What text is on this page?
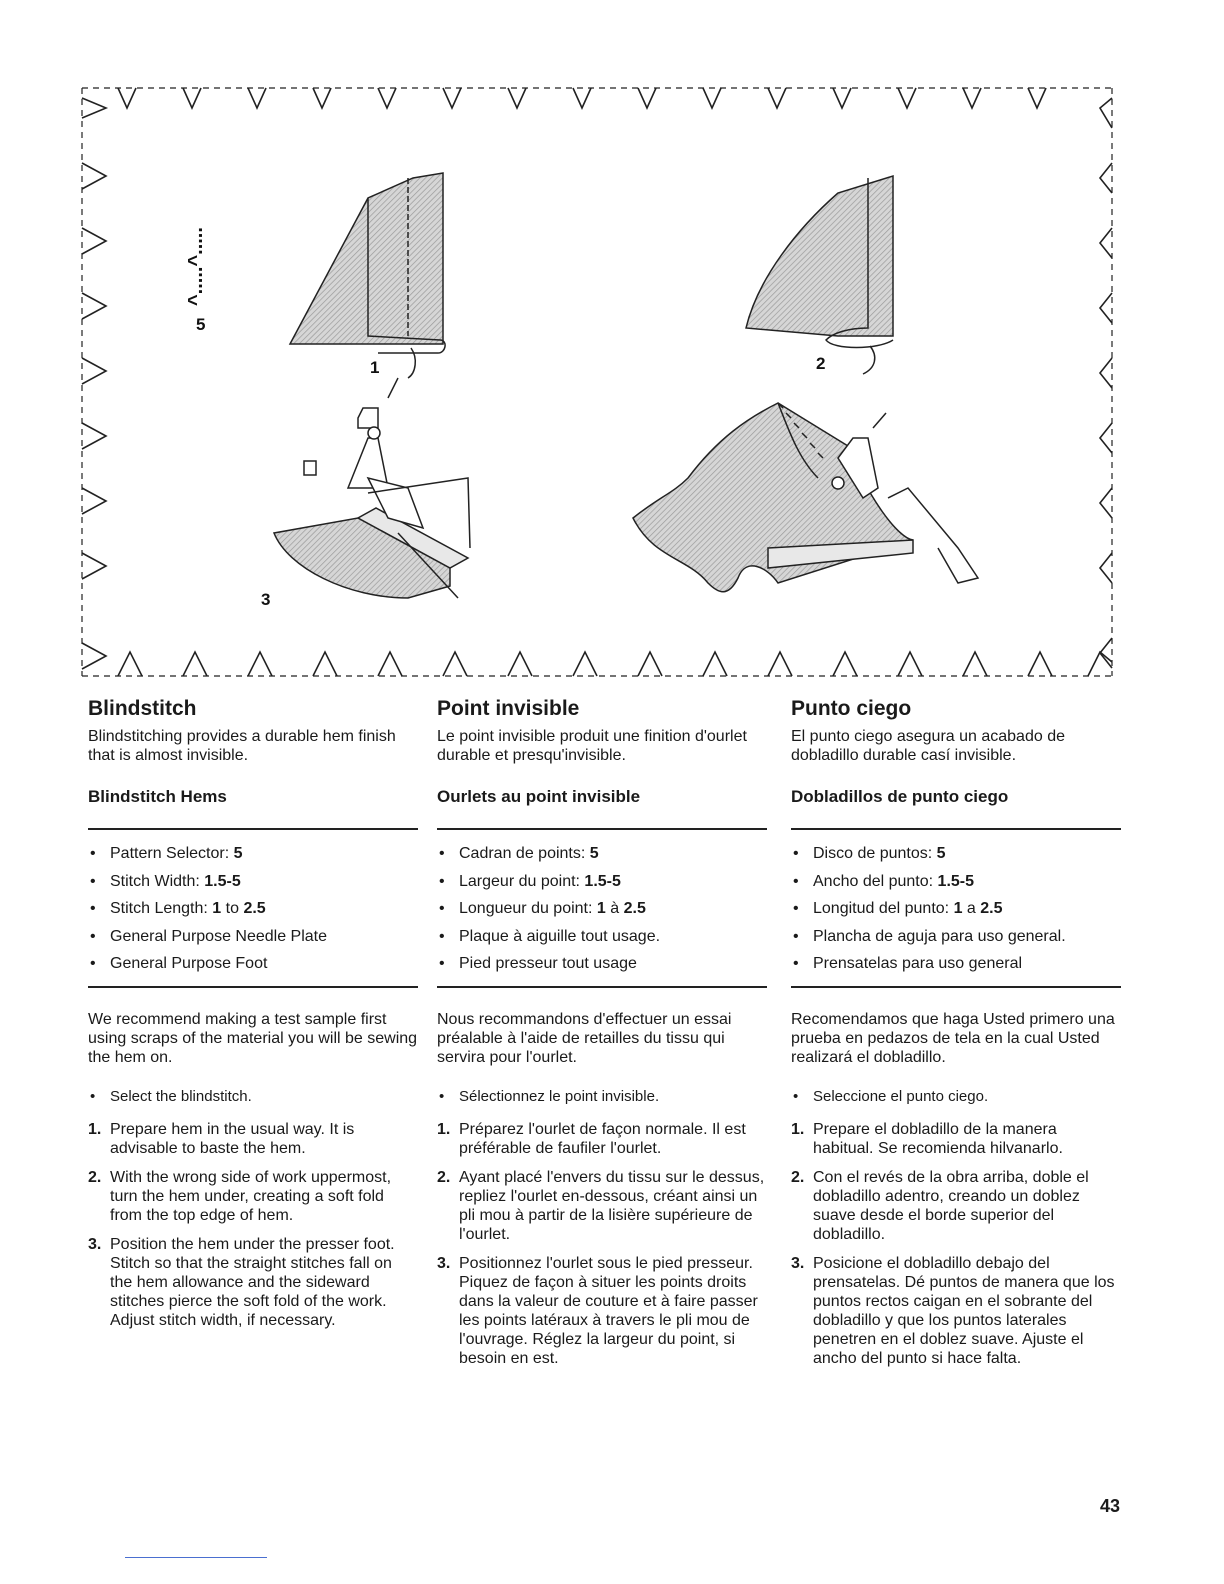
^.....^.....
5
1	2
3
Blindstitch

Blindstitching provides a durable hem finish that is almost invisible.

Blindstitch Hems

• Pattern Selector: 5
• Stitch Width: 1.5-5
• Stitch Length: 1 to 2.5
• General Purpose Needle Plate
• General Purpose Foot

We recommend making a test sample first using scraps of the material you will be sewing the hem on.

• Select the blindstitch.

1. Prepare hem in the usual way. It is advisable to baste the hem.
2. With the wrong side of work uppermost, turn the hem under, creating a soft fold from the top edge of hem.
3. Position the hem under the presser foot. Stitch so that the straight stitches fall on the hem allowance and the sideward stitches pierce the soft fold of the work. Adjust stitch width, if necessary.
Point invisible

Le point invisible produit une finition d'ourlet durable et presqu'invisible.

Ourlets au point invisible

• Cadran de points: 5
• Largeur du point: 1.5-5
• Longueur du point: 1 à 2.5
• Plaque à aiguille tout usage.
• Pied presseur tout usage

Nous recommandons d'effectuer un essai préalable à l'aide de retailles du tissu qui servira pour l'ourlet.

• Sélectionnez le point invisible.

1. Préparez l'ourlet de façon normale. Il est préférable de faufiler l'ourlet.
2. Ayant placé l'envers du tissu sur le dessus, repliez l'ourlet en-dessous, créant ainsi un pli mou à partir de la lisière supérieure de l'ourlet.
3. Positionnez l'ourlet sous le pied presseur. Piquez de façon à situer les points droits dans la valeur de couture et à faire passer les points latéraux à travers le pli mou de l'ouvrage. Réglez la largeur du point, si besoin en est.
Punto ciego

El punto ciego asegura un acabado de dobladillo durable casí invisible.

Dobladillos de punto ciego

• Disco de puntos: 5
• Ancho del punto: 1.5-5
• Longitud del punto: 1 a 2.5
• Plancha de aguja para uso general.
• Prensatelas para uso general

Recomendamos que haga Usted primero una prueba en pedazos de tela en la cual Usted realizará el dobladillo.

• Seleccione el punto ciego.

1. Prepare el dobladillo de la manera habitual. Se recomienda hilvanarlo.
2. Con el revés de la obra arriba, doble el dobladillo adentro, creando un doblez suave desde el borde superior del dobladillo.
3. Posicione el dobladillo debajo del prensatelas. Dé puntos de manera que los puntos rectos caigan en el sobrante del dobladillo y que los puntos laterales penetren en el doblez suave. Ajuste el ancho del punto si hace falta.
43
